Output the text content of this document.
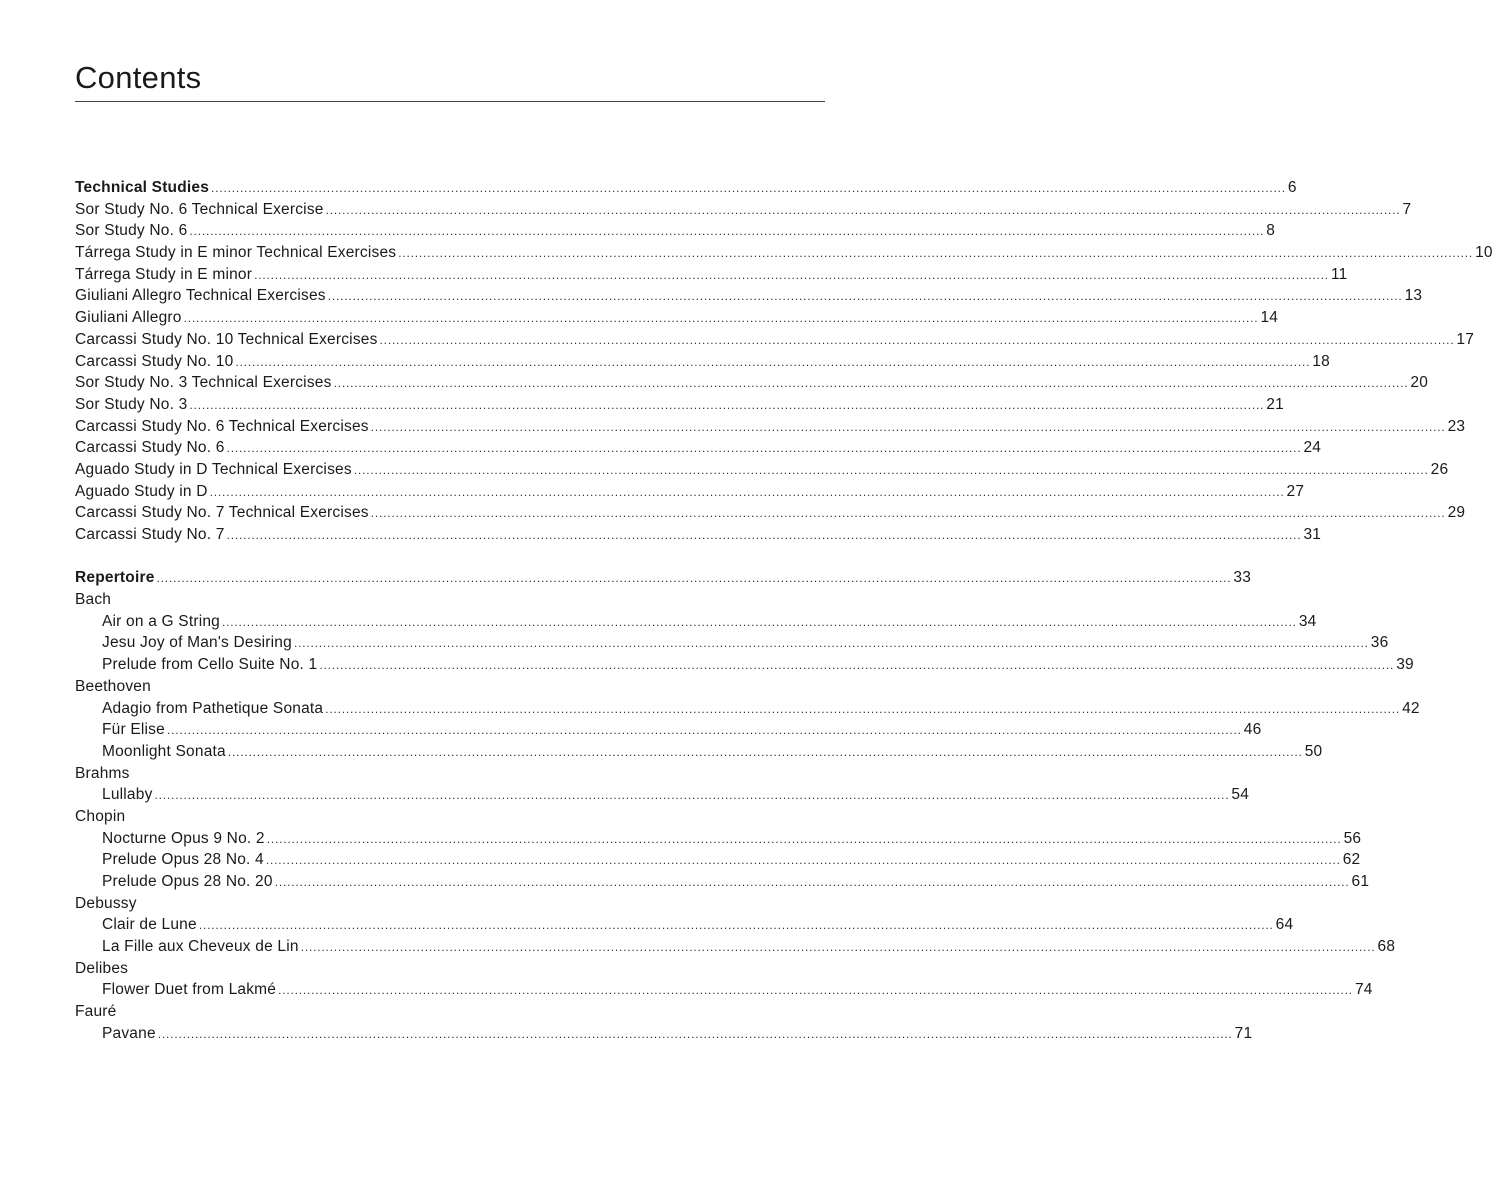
Contents
Technical Studies .................................................................................................................................................................................................................................................................... 6
Sor Study No. 6 Technical Exercise .................................................................................................................................................................................................................................................................... 7
Sor Study No. 6 .................................................................................................................................................................................................................................................................... 8
Tárrega Study in E minor Technical Exercises .................................................................................................................................................................................................................................................................... 10
Tárrega Study in E minor .................................................................................................................................................................................................................................................................... 11
Giuliani Allegro Technical Exercises .................................................................................................................................................................................................................................................................... 13
Giuliani Allegro .................................................................................................................................................................................................................................................................... 14
Carcassi Study No. 10 Technical Exercises .................................................................................................................................................................................................................................................................... 17
Carcassi Study No. 10 .................................................................................................................................................................................................................................................................... 18
Sor Study No. 3 Technical Exercises .................................................................................................................................................................................................................................................................... 20
Sor Study No. 3 .................................................................................................................................................................................................................................................................... 21
Carcassi Study No. 6 Technical Exercises .................................................................................................................................................................................................................................................................... 23
Carcassi Study No. 6 .................................................................................................................................................................................................................................................................... 24
Aguado Study in D Technical Exercises .................................................................................................................................................................................................................................................................... 26
Aguado Study in D .................................................................................................................................................................................................................................................................... 27
Carcassi Study No. 7 Technical Exercises .................................................................................................................................................................................................................................................................... 29
Carcassi Study No. 7 .................................................................................................................................................................................................................................................................... 31
Repertoire .................................................................................................................................................................................................................................................................... 33
Bach
Air on a G String .................................................................................................................................................................................................................................................................... 34
Jesu Joy of Man's Desiring .................................................................................................................................................................................................................................................................... 36
Prelude from Cello Suite No. 1 .................................................................................................................................................................................................................................................................... 39
Beethoven
Adagio from Pathetique Sonata .................................................................................................................................................................................................................................................................... 42
Für Elise .................................................................................................................................................................................................................................................................... 46
Moonlight Sonata .................................................................................................................................................................................................................................................................... 50
Brahms
Lullaby .................................................................................................................................................................................................................................................................... 54
Chopin
Nocturne Opus 9 No. 2 .................................................................................................................................................................................................................................................................... 56
Prelude Opus 28 No. 4 .................................................................................................................................................................................................................................................................... 62
Prelude Opus 28 No. 20 .................................................................................................................................................................................................................................................................... 61
Debussy
Clair de Lune .................................................................................................................................................................................................................................................................... 64
La Fille aux Cheveux de Lin .................................................................................................................................................................................................................................................................... 68
Delibes
Flower Duet from Lakmé .................................................................................................................................................................................................................................................................... 74
Fauré
Pavane .................................................................................................................................................................................................................................................................... 71
